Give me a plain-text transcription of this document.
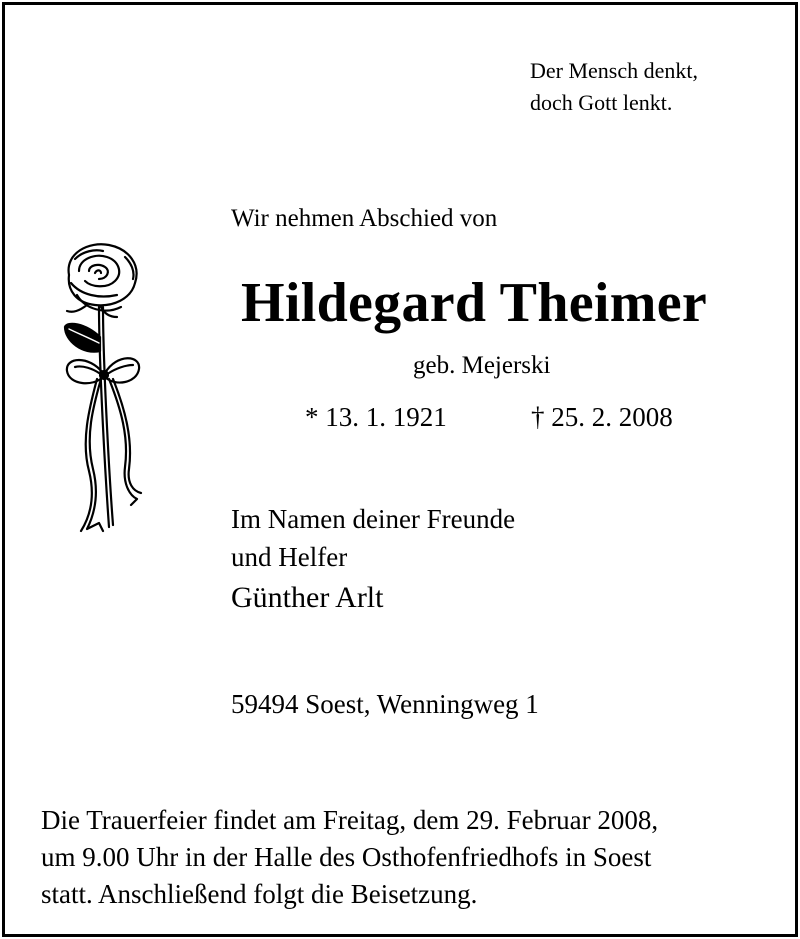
Der Mensch denkt,
doch Gott lenkt.
Wir nehmen Abschied von
Hildegard Theimer
geb. Mejerski
* 13. 1. 1921	† 25. 2. 2008
Im Namen deiner Freunde
und Helfer
Günther Arlt
59494 Soest, Wenningweg 1
Die Trauerfeier findet am Freitag, dem 29. Februar 2008,
um 9.00 Uhr in der Halle des Osthofenfriedhofs in Soest
statt. Anschließend folgt die Beisetzung.
